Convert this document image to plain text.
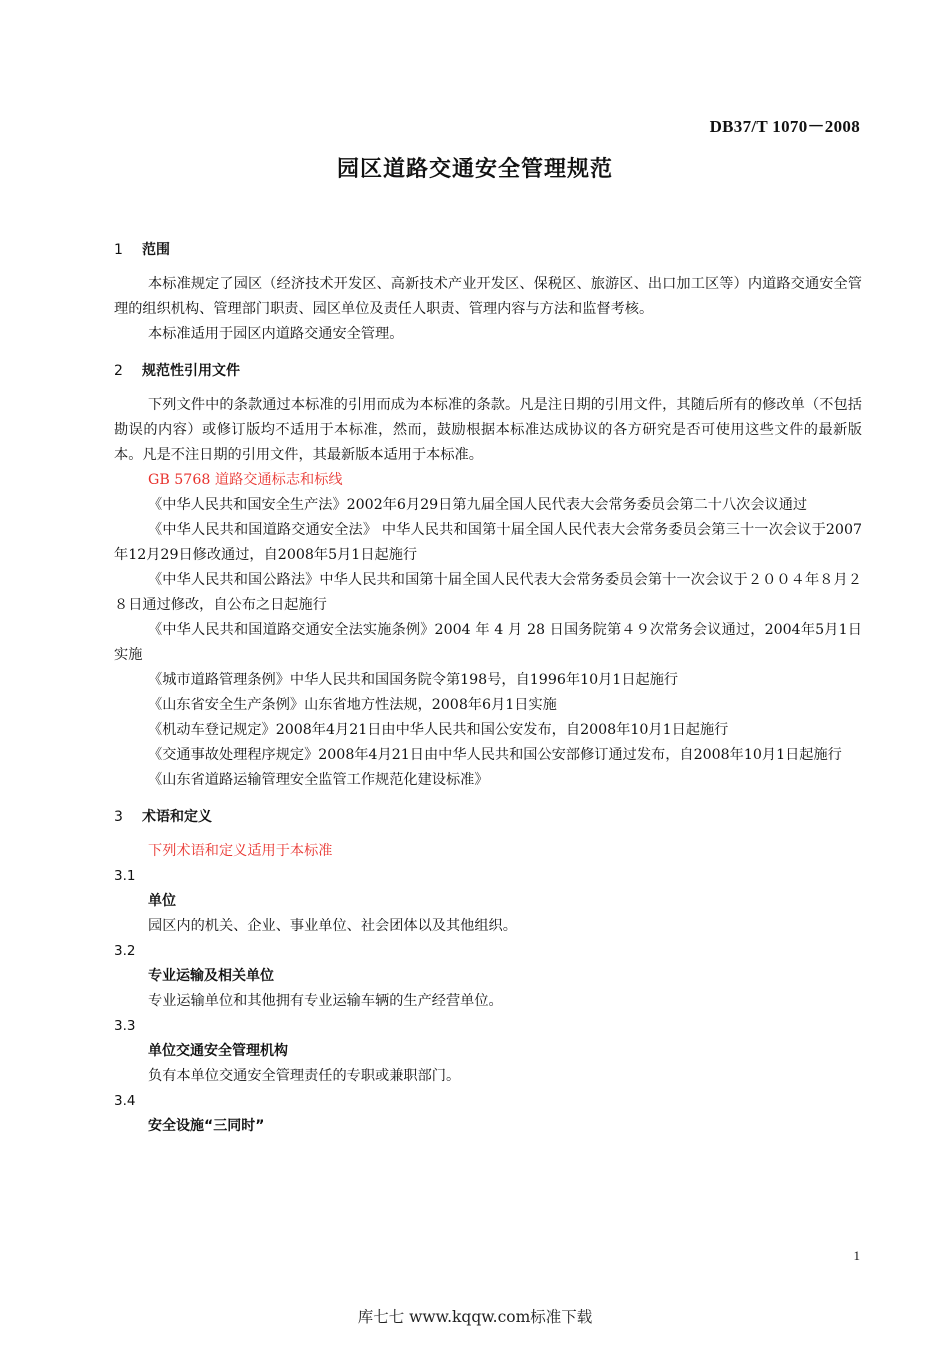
DB37/T 1070－2008
园区道路交通安全管理规范
1 范围

本标准规定了园区（经济技术开发区、高新技术产业开发区、保税区、旅游区、出口加工区等）内道路交通安全管理的组织机构、管理部门职责、园区单位及责任人职责、管理内容与方法和监督考核。

本标准适用于园区内道路交通安全管理。

2 规范性引用文件

下列文件中的条款通过本标准的引用而成为本标准的条款。凡是注日期的引用文件，其随后所有的修改单（不包括勘误的内容）或修订版均不适用于本标准，然而，鼓励根据本标准达成协议的各方研究是否可使用这些文件的最新版本。凡是不注日期的引用文件，其最新版本适用于本标准。

GB 5768 道路交通标志和标线

《中华人民共和国安全生产法》2002年6月29日第九届全国人民代表大会常务委员会第二十八次会议通过

《中华人民共和国道路交通安全法》 中华人民共和国第十届全国人民代表大会常务委员会第三十一次会议于2007年12月29日修改通过，自2008年5月1日起施行

《中华人民共和国公路法》中华人民共和国第十届全国人民代表大会常务委员会第十一次会议于２００４年８月２８日通过修改，自公布之日起施行

《中华人民共和国道路交通安全法实施条例》2004 年 4 月 28 日国务院第４９次常务会议通过，2004年5月1日实施

《城市道路管理条例》中华人民共和国国务院令第198号，自1996年10月1日起施行

《山东省安全生产条例》山东省地方性法规，2008年6月1日实施

《机动车登记规定》2008年4月21日由中华人民共和国公安发布，自2008年10月1日起施行

《交通事故处理程序规定》2008年4月21日由中华人民共和国公安部修订通过发布，自2008年10月1日起施行

《山东省道路运输管理安全监管工作规范化建设标准》

3 术语和定义

下列术语和定义适用于本标准

3.1
单位
园区内的机关、企业、事业单位、社会团体以及其他组织。
3.2
专业运输及相关单位
专业运输单位和其他拥有专业运输车辆的生产经营单位。
3.3
单位交通安全管理机构
负有本单位交通安全管理责任的专职或兼职部门。
3.4
安全设施“三同时”
1
库七七 www.kqqw.com标准下载
